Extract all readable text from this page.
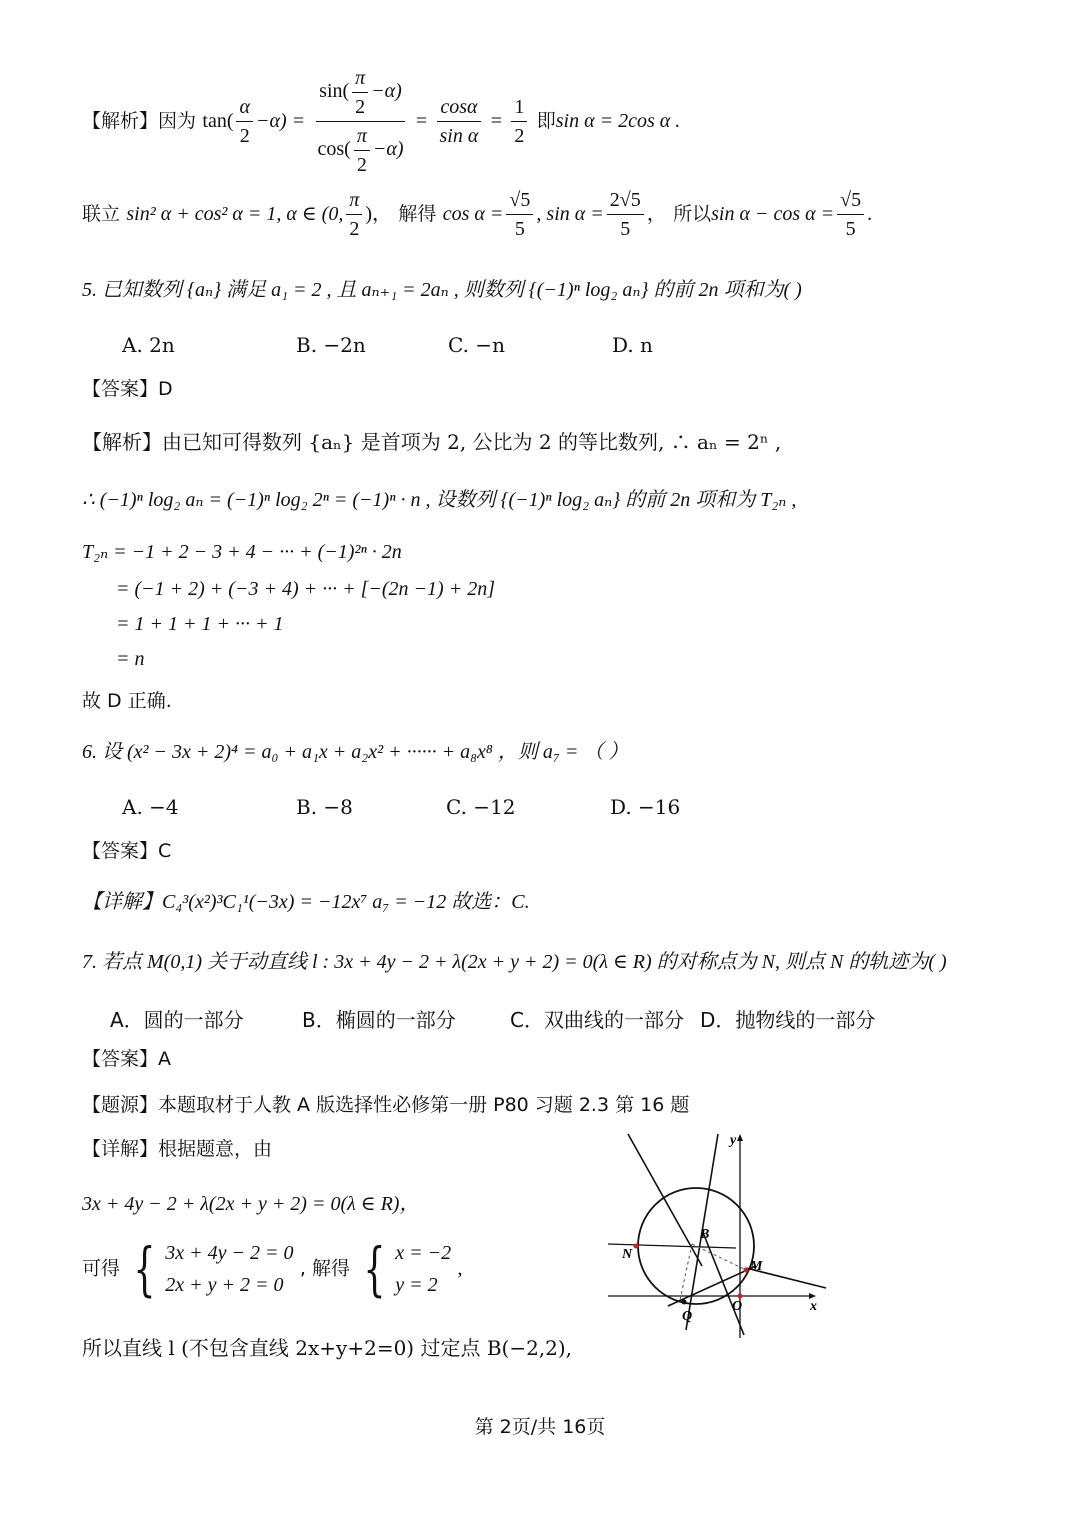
【解析】因为 $\tan( \frac{\alpha}{2} -\alpha) = \frac{\sin( \frac{\pi}{2} -\alpha)}{\cos( \frac{\pi}{2} -\alpha)} = \frac{\cos\alpha}{\text{sin α}} = \frac{1}{2}$ 即sin α = 2cos α .
联立 sin² α + cos² α = 1, α ∈ (0, $\frac{\pi}{2}$ )， 解得 $\cos \alpha = \frac{√5}{5}$ , $\sin \alpha = \frac{2√5}{5}$ ， 所以$\sin \alpha - \cos \alpha = \frac{√5}{5}$ .
5. 已知数列 {aₙ} 满足 a₁ = 2 , 且 aₙ₊₁ = 2aₙ , 则数列 {(−1)ⁿ log₂ aₙ} 的前 2n 项和为( )
A. 2n	B. −2n	C. −n	D. n
【答案】D
【解析】由已知可得数列 {aₙ} 是首项为 2, 公比为 2 的等比数列, ∴ aₙ = 2ⁿ ,
∴ (−1)ⁿ log₂ aₙ = (−1)ⁿ log₂ 2ⁿ = (−1)ⁿ · n , 设数列 {(−1)ⁿ log₂ aₙ} 的前 2n 项和为 T₂ₙ ,
T₂ₙ = −1 + 2 − 3 + 4 − ··· + (−1)²ⁿ · 2n
= (−1 + 2) + (−3 + 4) + ··· + [−(2n −1) + 2n]
= 1 + 1 + 1 + ··· + 1
= n
故 D 正确.
6. 设 (x² − 3x + 2)⁴ = a₀ + a₁x + a₂x² + ······ + a₈x⁸ ，则 a₇ = （ ）
A. −4	B. −8	C. −12	D. −16
【答案】C
【详解】C₄³(x²)³C₁¹(−3x) = −12x⁷ a₇ = −12 故选：C.
7. 若点 M(0,1) 关于动直线 l : 3x + 4y − 2 + λ(2x + y + 2) = 0(λ ∈ R) 的对称点为 N, 则点 N 的轨迹为( )
A．圆的一部分	B．椭圆的一部分	C．双曲线的一部分 D．抛物线的一部分
【答案】A
【题源】本题取材于人教 A 版选择性必修第一册 P80 习题 2.3 第 16 题
【详解】根据题意，由
3x + 4y − 2 + λ(2x + y + 2) = 0(λ ∈ R)，
可得 { 3x + 4y − 2 = 0
2x + y + 2 = 0
, 解得 { x = −2
y = 2
,
所以直线 l (不包含直线 2x+y+2=0) 过定点 B(−2,2),
y
x
B
N
M
Q
O
第 2页/共 16页
